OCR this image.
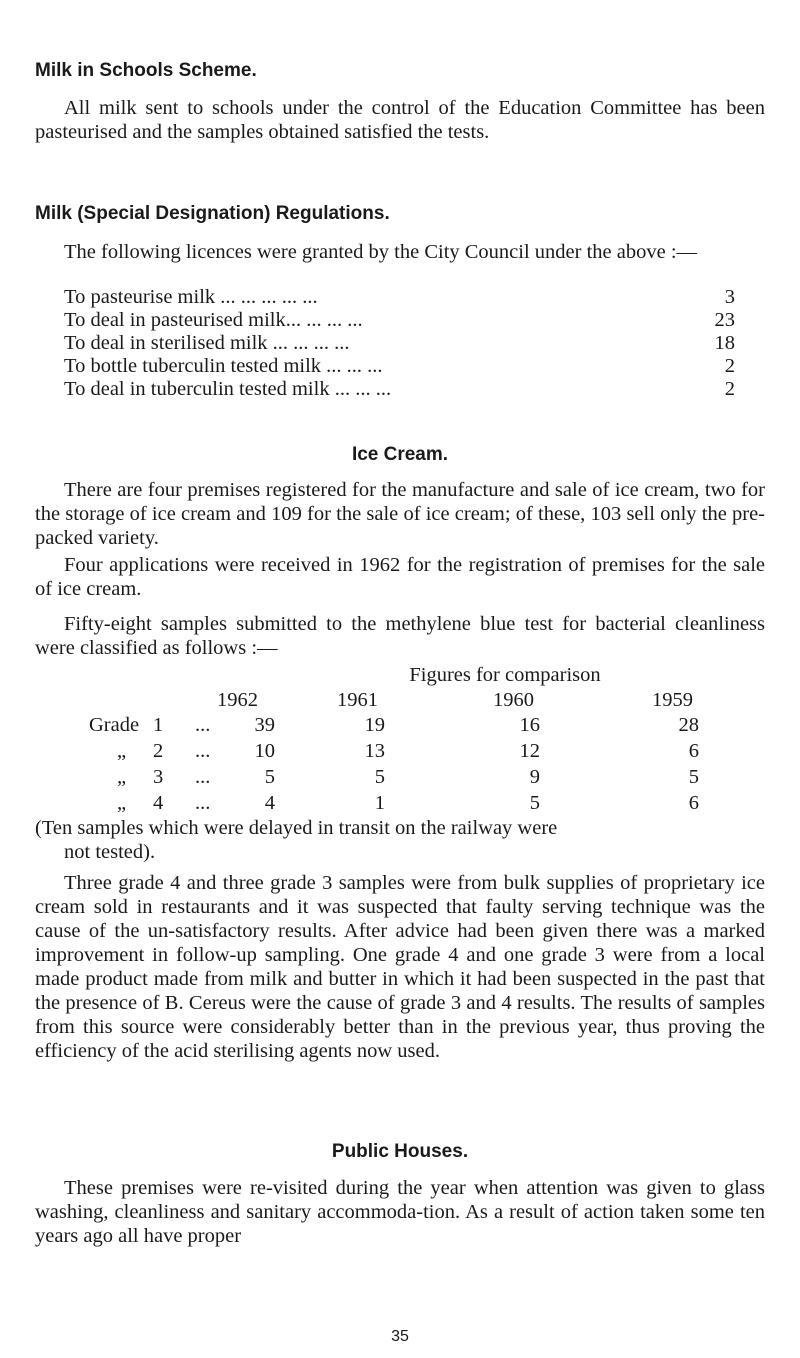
Milk in Schools Scheme.

All milk sent to schools under the control of the Education Committee has been pasteurised and the samples obtained satisfied the tests.

Milk (Special Designation) Regulations.

The following licences were granted by the City Council under the above :—

To pasteurise milk ... ... ... ... ...	3
To deal in pasteurised milk... ... ... ...	23
To deal in sterilised milk ... ... ... ...	18
To bottle tuberculin tested milk ... ... ...	2
To deal in tuberculin tested milk ... ... ...	2
Ice Cream.

There are four premises registered for the manufacture and sale of ice cream, two for the storage of ice cream and 109 for the sale of ice cream; of these, 103 sell only the pre-packed variety.

Four applications were received in 1962 for the registration of premises for the sale of ice cream.

Fifty-eight samples submitted to the methylene blue test for bacterial cleanliness were classified as follows :—

Figures for comparison
1962	1961	1960	1959
Grade 1 ...	39	19	16	28
„ 2 ...	10	13	12	6
„ 3 ...	5	5	9	5
„ 4 ...	4	1	5	6

(Ten samples which were delayed in transit on the railway were

not tested).

Three grade 4 and three grade 3 samples were from bulk supplies of proprietary ice cream sold in restaurants and it was suspected that faulty serving technique was the cause of the un-satisfactory results. After advice had been given there was a marked improvement in follow-up sampling. One grade 4 and one grade 3 were from a local made product made from milk and butter in which it had been suspected in the past that the presence of B. Cereus were the cause of grade 3 and 4 results. The results of samples from this source were considerably better than in the previous year, thus proving the efficiency of the acid sterilising agents now used.

Public Houses.

These premises were re-visited during the year when attention was given to glass washing, cleanliness and sanitary accommoda-tion. As a result of action taken some ten years ago all have proper

35
